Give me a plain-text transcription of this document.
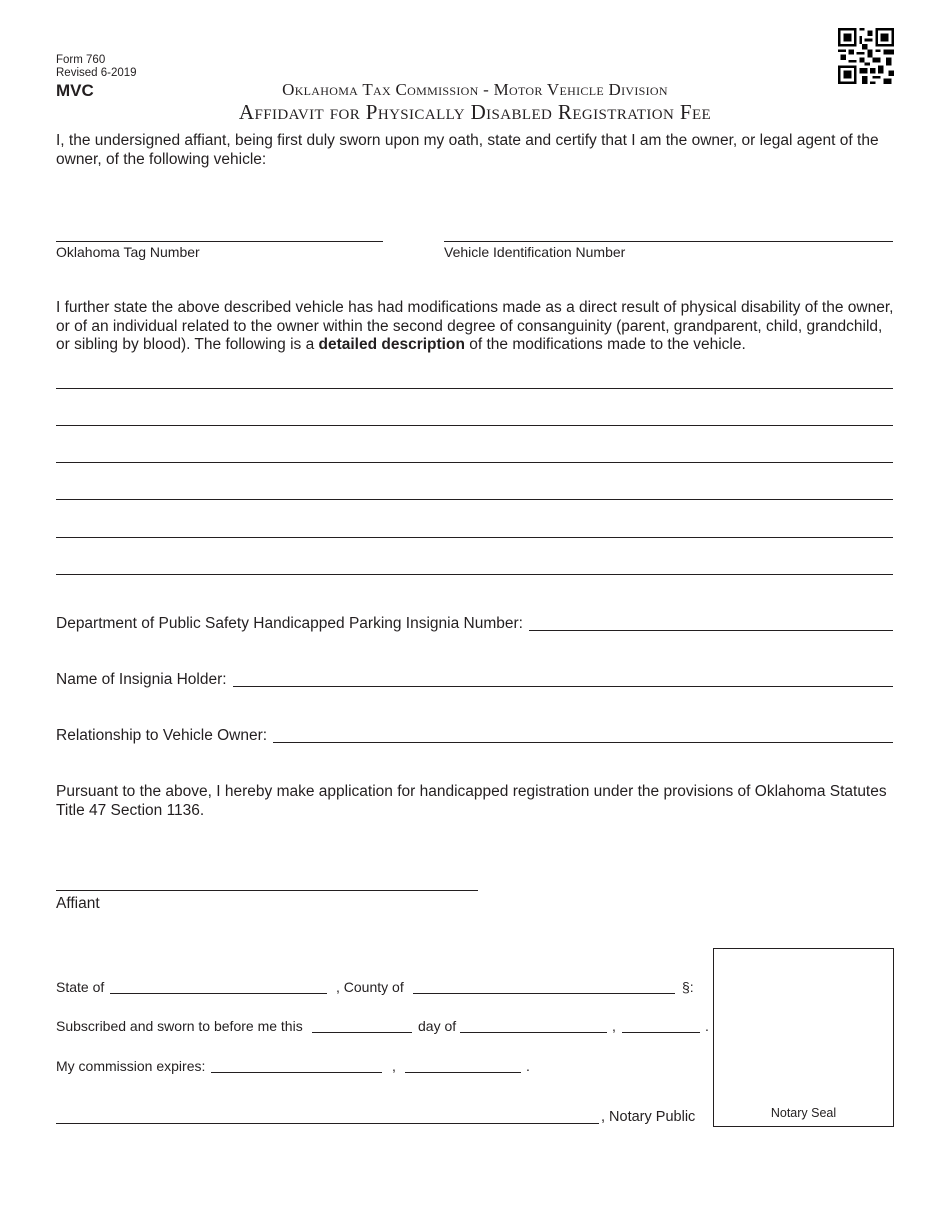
Form 760
Revised 6-2019
MVC	Oklahoma Tax Commission - Motor Vehicle Division
Affidavit for Physically Disabled Registration Fee
I, the undersigned affiant, being first duly sworn upon my oath, state and certify that I am the owner, or legal agent of the owner, of the following vehicle:
Oklahoma Tag Number	Vehicle Identification Number
I further state the above described vehicle has had modifications made as a direct result of physical disability of the owner, or of an individual related to the owner within the second degree of consanguinity (parent, grandparent, child, grandchild, or sibling by blood). The following is a detailed description of the modifications made to the vehicle.
Department of Public Safety Handicapped Parking Insignia Number:
Name of Insignia Holder:
Relationship to Vehicle Owner:
Pursuant to the above, I hereby make application for handicapped registration under the provisions of Oklahoma Statutes Title 47 Section 1136.
Affiant
State of	, County of	§:
Subscribed and sworn to before me this	day of	,	.
My commission expires:	,	.
, Notary Public	Notary Seal
